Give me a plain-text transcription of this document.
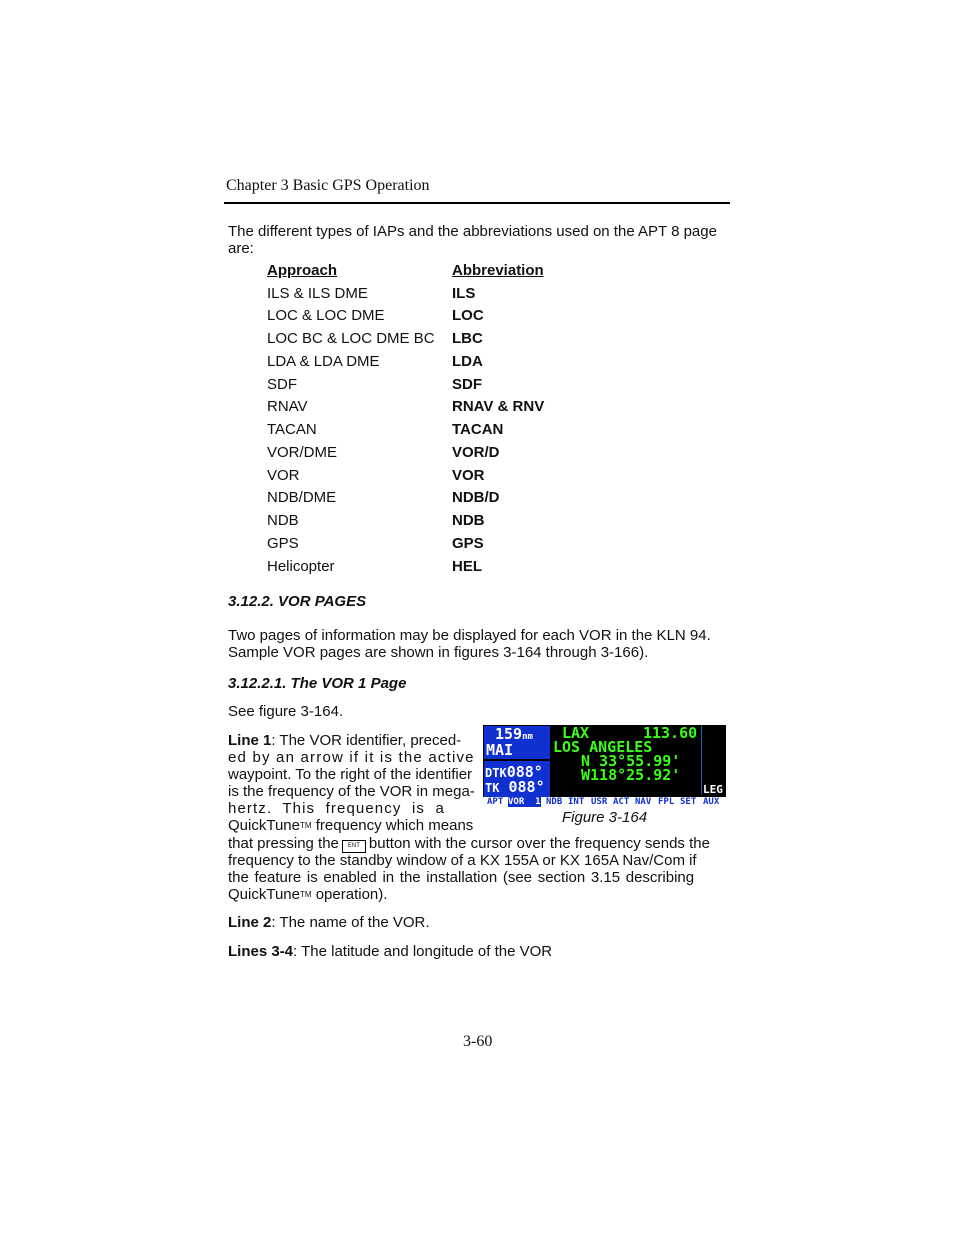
Chapter 3 Basic GPS Operation
The different types of IAPs and the abbreviations used on the APT 8 page are:
Approach	Abbreviation
ILS & ILS DME	ILS
LOC & LOC DME	LOC
LOC BC & LOC DME BC LBC
LDA & LDA DME	LDA
SDF	SDF
RNAV	RNAV & RNV
TACAN	TACAN
VOR/DME	VOR/D
VOR	VOR
NDB/DME	NDB/D
NDB	NDB
GPS	GPS
Helicopter	HEL
3.12.2. VOR PAGES
Two pages of information may be displayed for each VOR in the KLN 94.
Sample VOR pages are shown in figures 3-164 through 3-166).
3.12.2.1. The VOR 1 Page
See figure 3-164.
Line 1: The VOR identifier, preced-
ed by an arrow if it is the active
waypoint. To the right of the identifier
is the frequency of the VOR in mega-
hertz.  This  frequency  is  a
QuickTuneTM frequency which means
that pressing the ENT button with the cursor over the frequency sends the
frequency to the standby window of a KX 155A or KX 165A Nav/Com if
the feature is enabled in the installation (see section 3.15 describing
QuickTuneTM operation).
Line 2: The name of the VOR.
Lines 3-4: The latitude and longitude of the VOR
159nm
MAI
DTK088°
TK 088°
LAX	113.60
LOS ANGELES
N 33°55.99'
W118°25.92'
LEG

APT

VOR  1

NDB

INT

USR

ACT

NAV

FPL

SET

AUX

Figure 3-164
3-60
